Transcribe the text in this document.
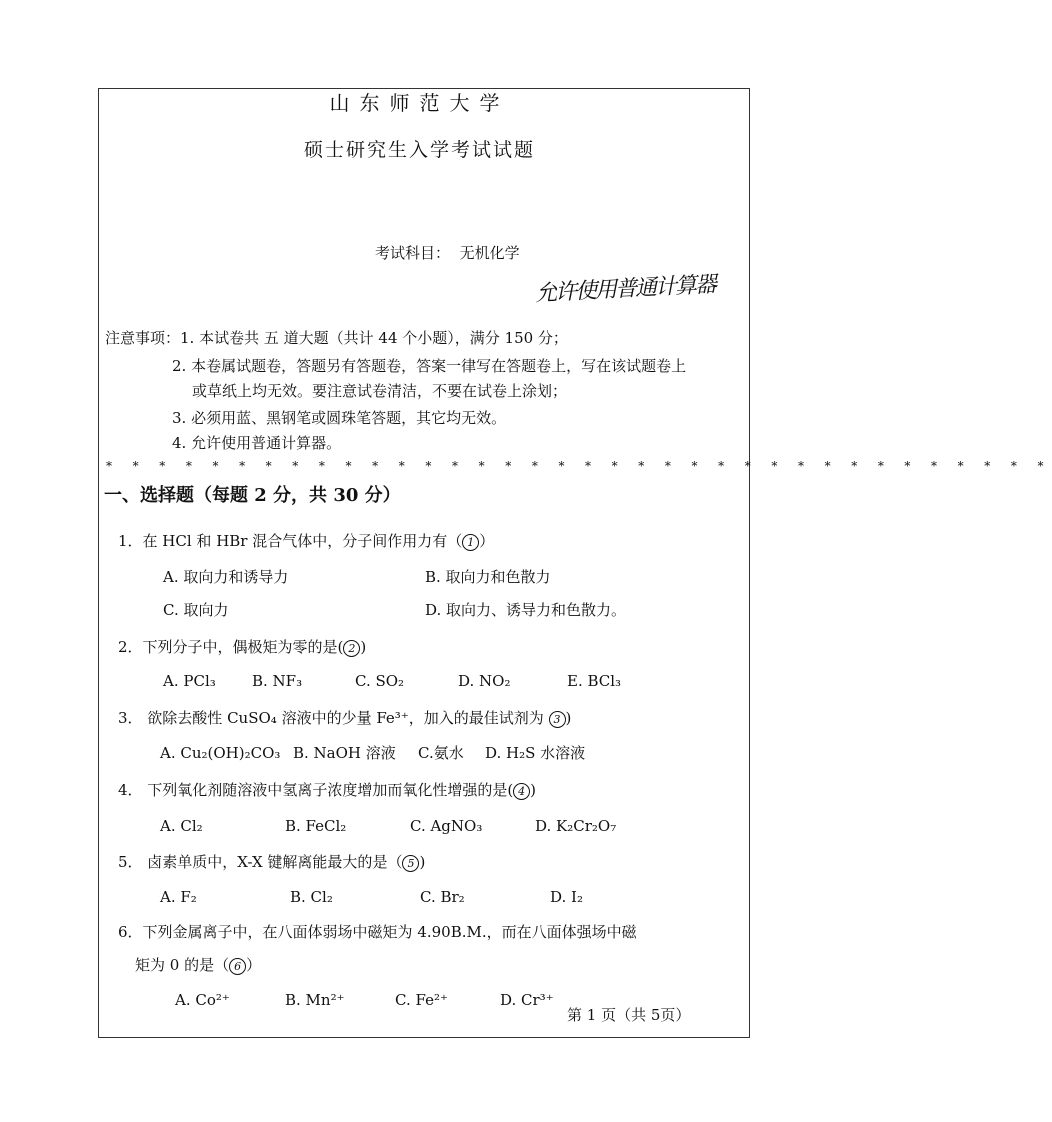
山东师范大学
硕士研究生入学考试试题
考试科目： 无机化学
允许使用普通计算器
注意事项：1. 本试卷共 五 道大题（共计 44 个小题），满分 150 分；
2. 本卷属试题卷，答题另有答题卷，答案一律写在答题卷上，写在该试题卷上
或草纸上均无效。要注意试卷清洁，不要在试卷上涂划；
3. 必须用蓝、黑钢笔或圆珠笔答题，其它均无效。
4. 允许使用普通计算器。
* * * * * * * * * * * * * * * * * * * * * * * * * * * * * * * * * * * *
一、选择题（每题 2 分，共 30 分）
1．在 HCl 和 HBr 混合气体中，分子间作用力有（ 1 ）
A. 取向力和诱导力	B. 取向力和色散力
C. 取向力	D. 取向力、诱导力和色散力。
2．下列分子中，偶极矩为零的是( 2 )
A. PCl₃ B. NF₃	C. SO₂	D. NO₂	E. BCl₃
3． 欲除去酸性 CuSO₄ 溶液中的少量 Fe³⁺，加入的最佳试剂为 3 )
A. Cu₂(OH)₂CO₃ B. NaOH 溶液 C.氨水 D. H₂S 水溶液
4． 下列氧化剂随溶液中氢离子浓度增加而氧化性增强的是( 4 )
A. Cl₂	B. FeCl₂	C. AgNO₃	D. K₂Cr₂O₇
5． 卤素单质中，X-X 键解离能最大的是（ 5 )
A. F₂	B. Cl₂	C. Br₂	D. I₂
6．下列金属离子中，在八面体弱场中磁矩为 4.90B.M.，而在八面体强场中磁
矩为 0 的是（ 6 ）
A. Co²⁺	B. Mn²⁺	C. Fe²⁺	D. Cr³⁺
第 1 页（共 5页）
